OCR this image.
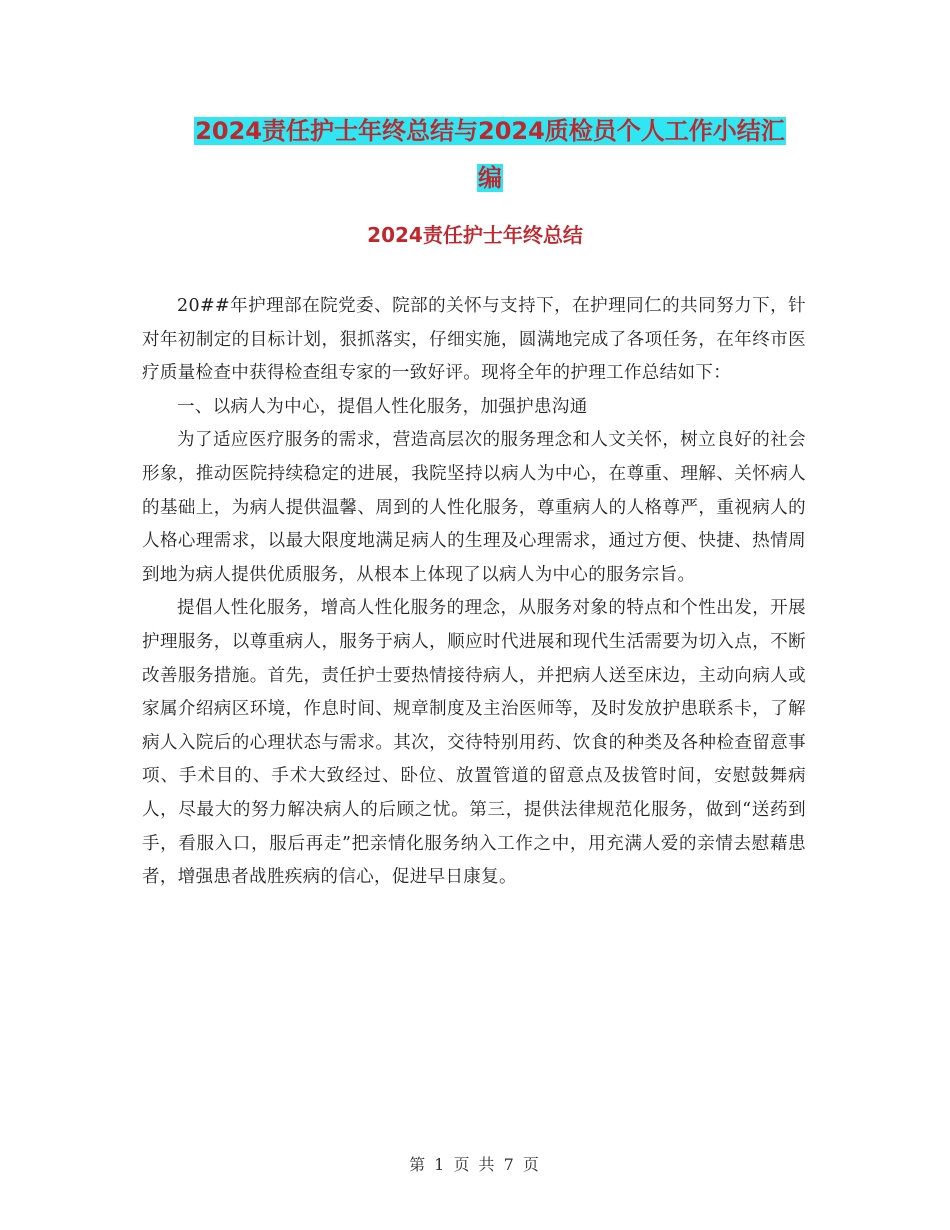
2024责任护士年终总结与2024质检员个人工作小结汇
编
2024责任护士年终总结

20##年护理部在院党委、院部的关怀与支持下，在护理同仁的共同努力下，针对年初制定的目标计划，狠抓落实，仔细实施，圆满地完成了各项任务，在年终市医疗质量检查中获得检查组专家的一致好评。现将全年的护理工作总结如下：

一、以病人为中心，提倡人性化服务，加强护患沟通

为了适应医疗服务的需求，营造高层次的服务理念和人文关怀，树立良好的社会形象，推动医院持续稳定的进展，我院坚持以病人为中心，在尊重、理解、关怀病人的基础上，为病人提供温馨、周到的人性化服务，尊重病人的人格尊严，重视病人的人格心理需求，以最大限度地满足病人的生理及心理需求，通过方便、快捷、热情周到地为病人提供优质服务，从根本上体现了以病人为中心的服务宗旨。

提倡人性化服务，增高人性化服务的理念，从服务对象的特点和个性出发，开展护理服务，以尊重病人，服务于病人，顺应时代进展和现代生活需要为切入点，不断改善服务措施。首先，责任护士要热情接待病人，并把病人送至床边，主动向病人或家属介绍病区环境，作息时间、规章制度及主治医师等，及时发放护患联系卡，了解病人入院后的心理状态与需求。其次，交待特别用药、饮食的种类及各种检查留意事项、手术目的、手术大致经过、卧位、放置管道的留意点及拔管时间，安慰鼓舞病人，尽最大的努力解决病人的后顾之忧。第三，提供法律规范化服务，做到“送药到手，看服入口，服后再走”把亲情化服务纳入工作之中，用充满人爱的亲情去慰藉患者，增强患者战胜疾病的信心，促进早日康复。

第 1 页 共 7 页
